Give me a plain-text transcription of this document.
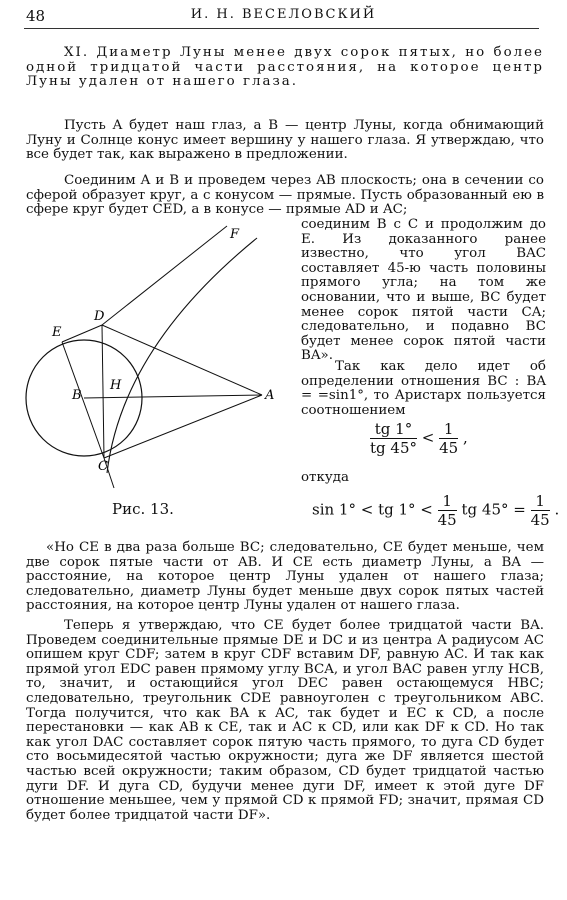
48	И. Н. ВЕСЕЛОВСКИЙ
XI. Диаметр Луны менее двух сорок пятых, но более одной тридцатой части расстояния, на которое центр Луны удален от нашего глаза.
Пусть A будет наш глаз, а B — центр Луны, когда обнимающий Луну и Солнце конус имеет вершину у нашего глаза. Я утверждаю, что все будет так, как выражено в предложении.
Соединим A и B и проведем через AB плоскость; она в сечении со сферой образует круг, а с конусом — прямые. Пусть образованный ею в сфере круг будет CED, а в конусе — прямые AD и AC;
E
D
F
H
B	A
C
соединим B с C и продолжим до E. Из доказанного ранее известно, что угол BAC составляет 45-ю часть половины прямого угла; на том же основании, что и выше, BC будет менее сорок пятой части CA; следовательно, и подавно BC будет менее сорок пятой части BA».
Так как дело идет об определении отношения BC : BA = =sin1°, то Аристарх пользуется соотношением
$\frac{tg 1^\circ}{tg 45^\circ} < \frac{1}{45}$ ,
откуда
sin 1° < tg $1^\circ < \frac{1}{45}$ tg $45^\circ = \frac{1}{45}$ .
Рис. 13.
«Но CE в два раза больше BC; следовательно, CE будет меньше, чем две сорок пятые части от AB. И CE есть диаметр Луны, а BA — расстояние, на которое центр Луны удален от нашего глаза; следовательно, диаметр Луны будет меньше двух сорок пятых частей расстояния, на которое центр Луны удален от нашего глаза.
Теперь я утверждаю, что CE будет более тридцатой части BA. Проведем соединительные прямые DE и DC и из центра A радиусом AC опишем круг CDF; затем в круг CDF вставим DF, равную AC. И так как прямой угол EDC равен прямому углу BCA, и угол BAC равен углу HCB, то, значит, и остающийся угол DEC равен остающемуся HBC; следовательно, треугольник CDE равноуголен с треугольником ABC. Тогда получится, что как BA к AC, так будет и EC к CD, а после перестановки — как AB к CE, так и AC к CD, или как DF к CD. Но так как угол DAC составляет сорок пятую часть прямого, то дуга CD будет сто восьмидесятой частью окружности; дуга же DF является шестой частью всей окружности; таким образом, CD будет тридцатой частью дуги DF. И дуга CD, будучи менее дуги DF, имеет к этой дуге DF отношение меньшее, чем у прямой CD к прямой FD; значит, прямая CD будет более тридцатой части DF».
